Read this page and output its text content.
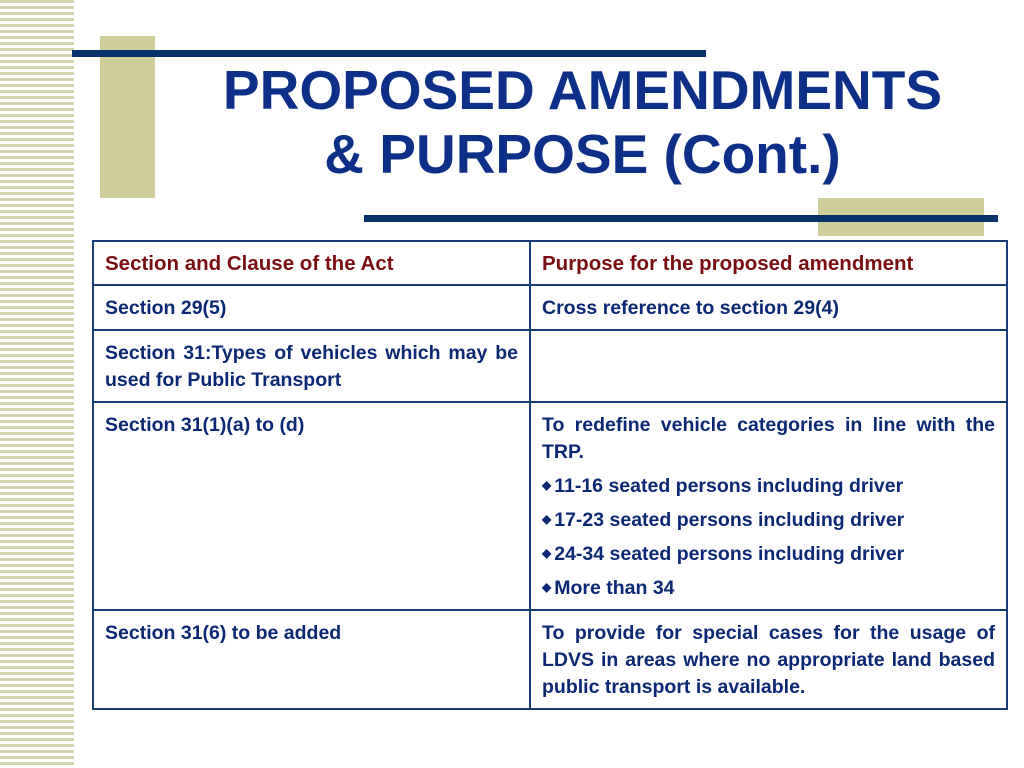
PROPOSED AMENDMENTS
& PURPOSE (Cont.)
Section and Clause of the Act	Purpose for the proposed amendment
Section 29(5)	Cross reference to section 29(4)
Section 31:Types of vehicles which may be used for Public Transport	
Section 31(1)(a) to (d)	To redefine vehicle categories in line with the TRP.
◆ 11-16 seated persons including driver
◆ 17-23 seated persons including driver
◆ 24-34 seated persons including driver
◆ More than 34

Section 31(6) to be added	To provide for special cases for the usage of LDVS in areas where no appropriate land based public transport is available.
